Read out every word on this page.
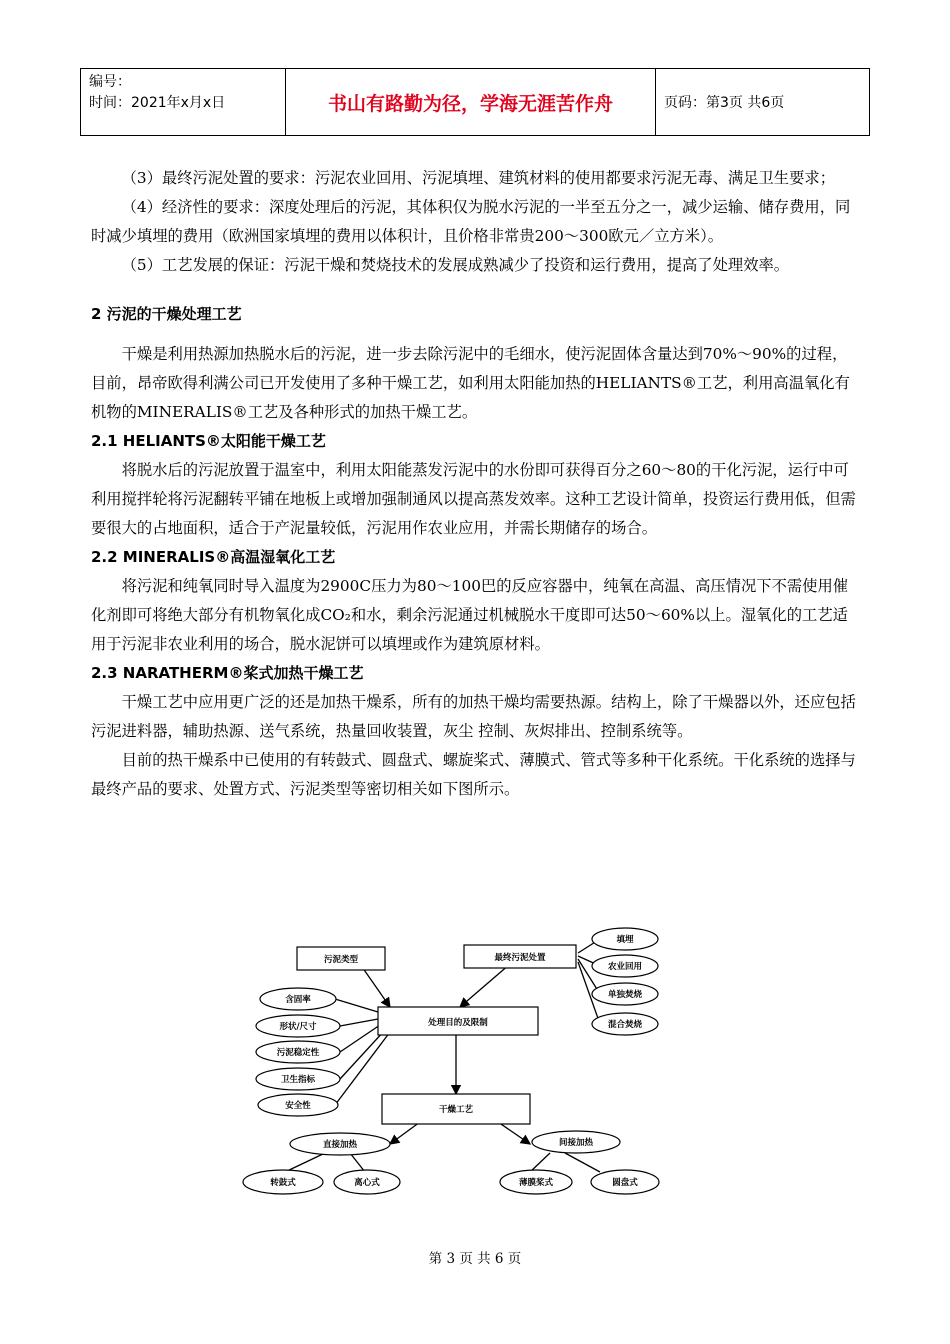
编号：
时间：2021年x月x日	书山有路勤为径，学海无涯苦作舟	页码：第3页 共6页

（3）最终污泥处置的要求：污泥农业回用、污泥填埋、建筑材料的使用都要求污泥无毒、满足卫生要求；

（4）经济性的要求：深度处理后的污泥，其体积仅为脱水污泥的一半至五分之一，减少运输、储存费用，同时减少填埋的费用（欧洲国家填埋的费用以体积计，且价格非常贵200～300欧元／立方米）。

（5）工艺发展的保证：污泥干燥和焚烧技术的发展成熟减少了投资和运行费用，提高了处理效率。

2 污泥的干燥处理工艺

干燥是利用热源加热脱水后的污泥，进一步去除污泥中的毛细水，使污泥固体含量达到70%～90%的过程，目前，昂帝欧得利满公司已开发使用了多种干燥工艺，如利用太阳能加热的HELIANTS®工艺，利用高温氧化有机物的MINERALIS®工艺及各种形式的加热干燥工艺。

2.1 HELIANTS®太阳能干燥工艺

将脱水后的污泥放置于温室中，利用太阳能蒸发污泥中的水份即可获得百分之60～80的干化污泥，运行中可利用搅拌轮将污泥翻转平铺在地板上或增加强制通风以提高蒸发效率。这种工艺设计简单，投资运行费用低，但需要很大的占地面积，适合于产泥量较低，污泥用作农业应用，并需长期储存的场合。

2.2 MINERALIS®高温湿氧化工艺

将污泥和纯氧同时导入温度为2900C压力为80～100巴的反应容器中，纯氧在高温、高压情况下不需使用催化剂即可将绝大部分有机物氧化成CO₂和水，剩余污泥通过机械脱水干度即可达50～60%以上。湿氧化的工艺适用于污泥非农业利用的场合，脱水泥饼可以填埋或作为建筑原材料。

2.3 NARATHERM®桨式加热干燥工艺

干燥工艺中应用更广泛的还是加热干燥系，所有的加热干燥均需要热源。结构上，除了干燥器以外，还应包括污泥进料器，辅助热源、送气系统，热量回收装置，灰尘 控制、灰烬排出、控制系统等。

目前的热干燥系中已使用的有转鼓式、圆盘式、螺旋桨式、薄膜式、管式等多种干化系统。干化系统的选择与最终产品的要求、处置方式、污泥类型等密切相关如下图所示。

污泥类型	最终污泥处置
填埋
农业回用
单独焚烧
混合焚烧
含固率
形状/尺寸
污泥稳定性
卫生指标
安全性
处理目的及限制
干燥工艺
直接加热	间接加热
转鼓式	离心式	薄膜桨式	圆盘式
第 3 页 共 6 页
